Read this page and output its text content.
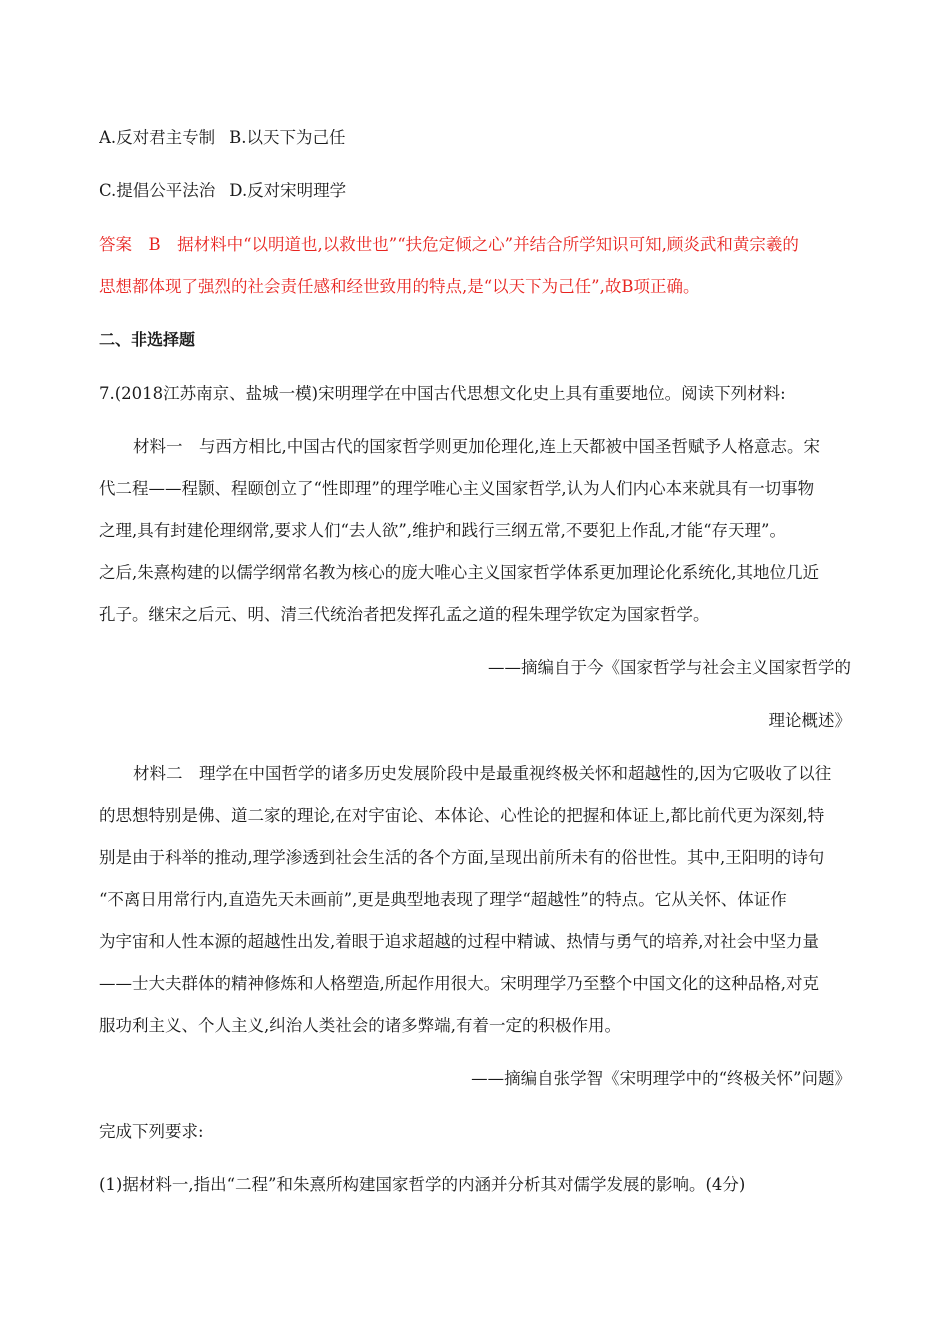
A.反对君主专制 B.以天下为己任
C.提倡公平法治 D.反对宋明理学
答案　B　据材料中“以明道也,以救世也”“扶危定倾之心”并结合所学知识可知,顾炎武和黄宗羲的
思想都体现了强烈的社会责任感和经世致用的特点,是“以天下为己任”,故B项正确。
二、非选择题
7.(2018江苏南京、盐城一模)宋明理学在中国古代思想文化史上具有重要地位。阅读下列材料:
材料一　与西方相比,中国古代的国家哲学则更加伦理化,连上天都被中国圣哲赋予人格意志。宋
代二程——程颢、程颐创立了“性即理”的理学唯心主义国家哲学,认为人们内心本来就具有一切事物
之理,具有封建伦理纲常,要求人们“去人欲”,维护和践行三纲五常,不要犯上作乱,才能“存天理”。
之后,朱熹构建的以儒学纲常名教为核心的庞大唯心主义国家哲学体系更加理论化系统化,其地位几近
孔子。继宋之后元、明、清三代统治者把发挥孔孟之道的程朱理学钦定为国家哲学。
——摘编自于今《国家哲学与社会主义国家哲学的
理论概述》
材料二　理学在中国哲学的诸多历史发展阶段中是最重视终极关怀和超越性的,因为它吸收了以往
的思想特别是佛、道二家的理论,在对宇宙论、本体论、心性论的把握和体证上,都比前代更为深刻,特
别是由于科举的推动,理学渗透到社会生活的各个方面,呈现出前所未有的俗世性。其中,王阳明的诗句
“不离日用常行内,直造先天未画前”,更是典型地表现了理学“超越性”的特点。它从关怀、体证作
为宇宙和人性本源的超越性出发,着眼于追求超越的过程中精诚、热情与勇气的培养,对社会中坚力量
——士大夫群体的精神修炼和人格塑造,所起作用很大。宋明理学乃至整个中国文化的这种品格,对克
服功利主义、个人主义,纠治人类社会的诸多弊端,有着一定的积极作用。
——摘编自张学智《宋明理学中的“终极关怀”问题》
完成下列要求:
(1)据材料一,指出“二程”和朱熹所构建国家哲学的内涵并分析其对儒学发展的影响。(4分)
